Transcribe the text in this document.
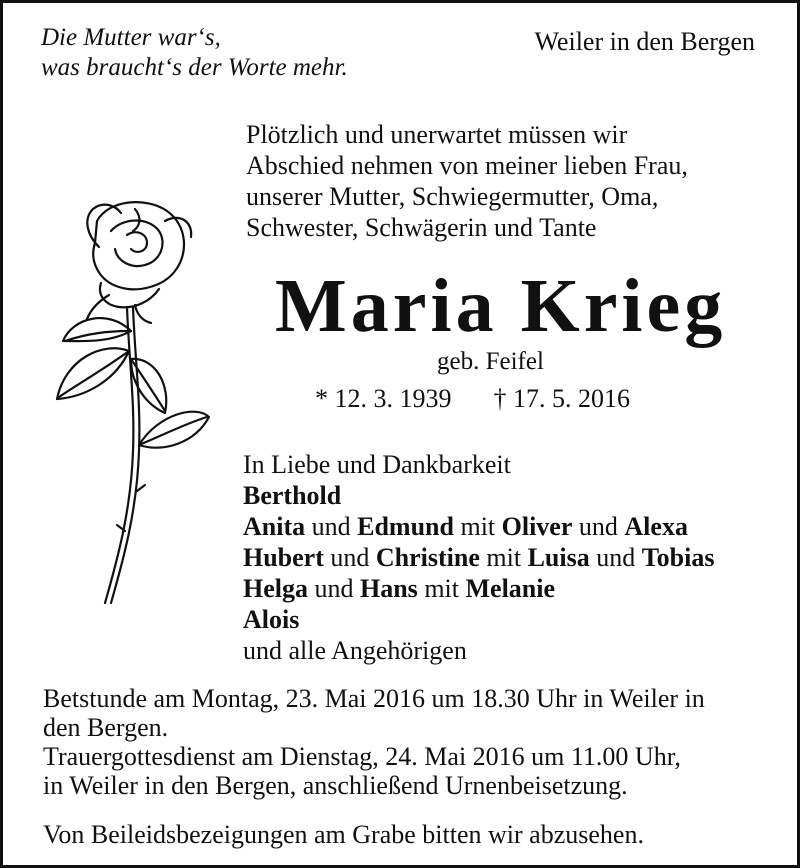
Die Mutter war‘s,
was braucht‘s der Worte mehr.
Weiler in den Bergen
Plötzlich und unerwartet müssen wir
Abschied nehmen von meiner lieben Frau,
unserer Mutter, Schwiegermutter, Oma,
Schwester, Schwägerin und Tante
Maria Krieg
geb. Feifel
* 12. 3. 1939 † 17. 5. 2016
In Liebe und Dankbarkeit
Berthold
Anita und Edmund mit Oliver und Alexa
Hubert und Christine mit Luisa und Tobias
Helga und Hans mit Melanie
Alois
und alle Angehörigen
Betstunde am Montag, 23. Mai 2016 um 18.30 Uhr in Weiler in
den Bergen.
Trauergottesdienst am Dienstag, 24. Mai 2016 um 11.00 Uhr,
in Weiler in den Bergen, anschließend Urnenbeisetzung.
Von Beileidsbezeigungen am Grabe bitten wir abzusehen.
